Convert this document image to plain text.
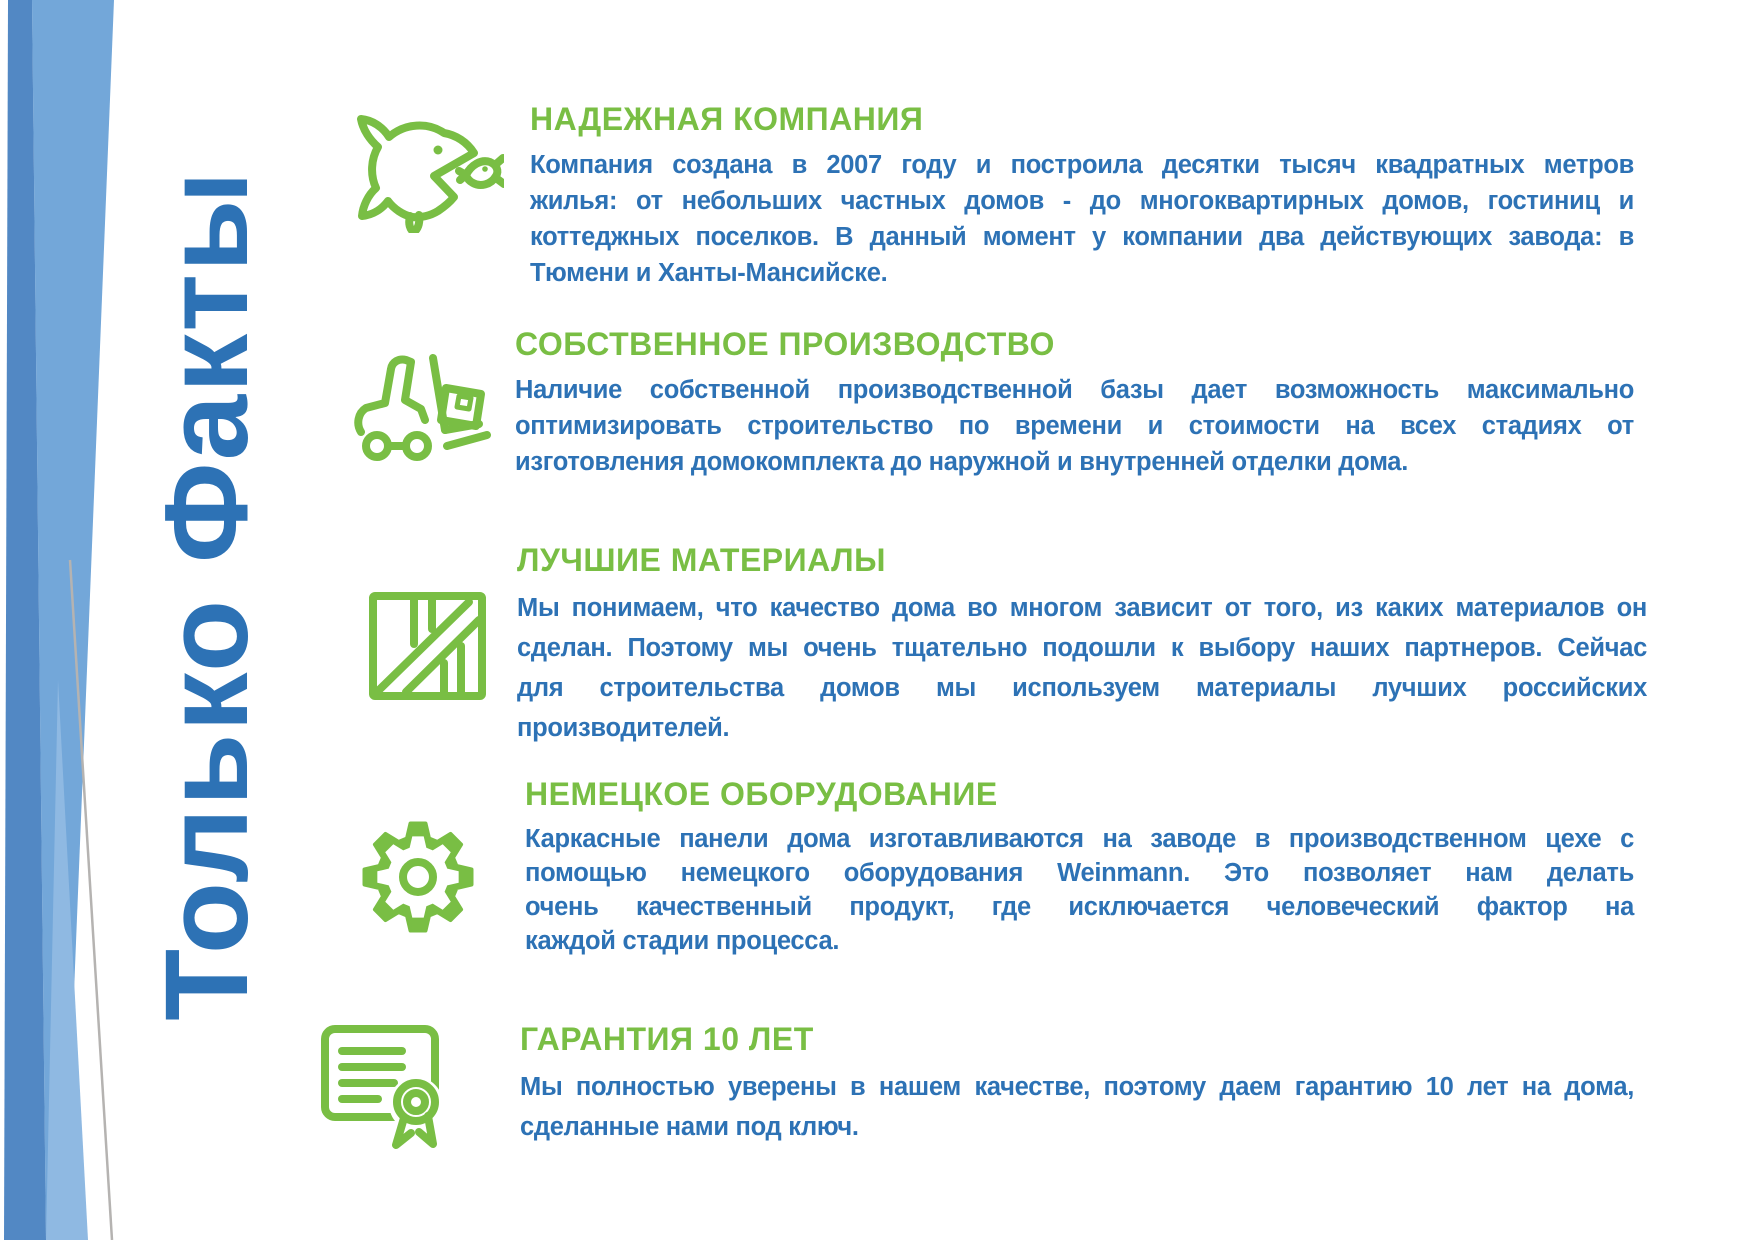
Только Факты
НАДЕЖНАЯ КОМПАНИЯ
Компания создана в 2007 году и построила десятки тысяч квадратных метров
жилья: от небольших частных домов - до многоквартирных домов, гостиниц и
коттеджных поселков. В данный момент у компании два действующих завода: в
Тюмени и Ханты-Мансийске.
СОБСТВЕННОЕ ПРОИЗВОДСТВО
Наличие собственной производственной базы дает возможность максимально
оптимизировать строительство по времени и стоимости на всех стадиях от
изготовления домокомплекта до наружной и внутренней отделки дома.
ЛУЧШИЕ МАТЕРИАЛЫ
Мы понимаем, что качество дома во многом зависит от того, из каких материалов он
сделан. Поэтому мы очень тщательно подошли к выбору наших партнеров. Сейчас
для строительства домов мы используем материалы лучших российских
производителей.
НЕМЕЦКОЕ ОБОРУДОВАНИЕ
Каркасные панели дома изготавливаются на заводе в производственном цехе с
помощью немецкого оборудования Weinmann. Это позволяет нам делать
очень качественный продукт, где исключается человеческий фактор на
каждой стадии процесса.
ГАРАНТИЯ 10 ЛЕТ
Мы полностью уверены в нашем качестве, поэтому даем гарантию 10 лет на дома,
сделанные нами под ключ.
